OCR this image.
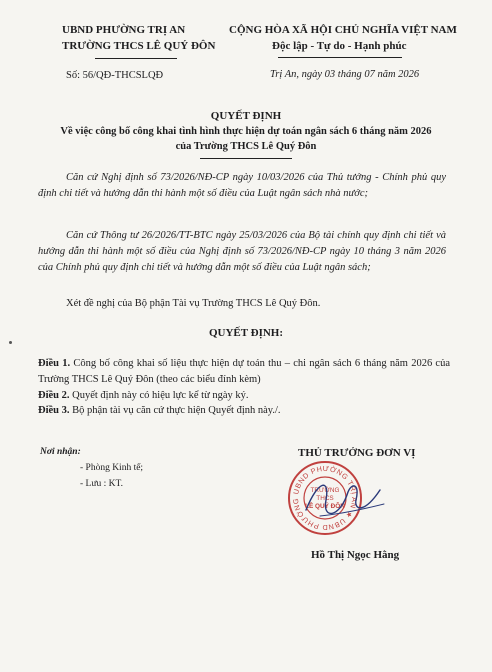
UBND PHƯỜNG TRỊ AN
TRƯỜNG THCS LÊ QUÝ ĐÔN
CỘNG HÒA XÃ HỘI CHỦ NGHĨA VIỆT NAM
Độc lập - Tự do - Hạnh phúc
Số: 56/QĐ-THCSLQĐ	Trị An, ngày 03 tháng 07 năm 2026
QUYẾT ĐỊNH
Về việc công bố công khai tình hình thực hiện dự toán ngân sách 6 tháng năm 2026
của Trường THCS Lê Quý Đôn
Căn cứ Nghị định số 73/2026/NĐ-CP ngày 10/03/2026 của Thủ tướng - Chính phủ quy định chi tiết và hướng dẫn thi hành một số điều của Luật ngân sách nhà nước;
Căn cứ Thông tư 26/2026/TT-BTC ngày 25/03/2026 của Bộ tài chính quy định chi tiết và hướng dẫn thi hành một số điều của Nghị định số 73/2026/NĐ-CP ngày 10 tháng 3 năm 2026 của Chính phủ quy định chi tiết và hướng dẫn một số điều của Luật ngân sách;
Xét đề nghị của Bộ phận Tài vụ Trường THCS Lê Quý Đôn.
QUYẾT ĐỊNH:
Điều 1. Công bố công khai số liệu thực hiện dự toán thu – chi ngân sách 6 tháng năm 2026 của Trường THCS Lê Quý Đôn (theo các biểu đính kèm)
Điều 2. Quyết định này có hiệu lực kể từ ngày ký.
Điều 3. Bộ phận tài vụ căn cứ thực hiện Quyết định này./.
Nơi nhận:
- Phòng Kinh tế;
- Lưu : KT.
THỦ TRƯỞNG ĐƠN VỊ
UBND PHƯỜNG TRỊ AN ★ UBND PHƯỜNG
TRƯỜNG
THCS
LÊ QUÝ ĐÔN
Hồ Thị Ngọc Hằng
